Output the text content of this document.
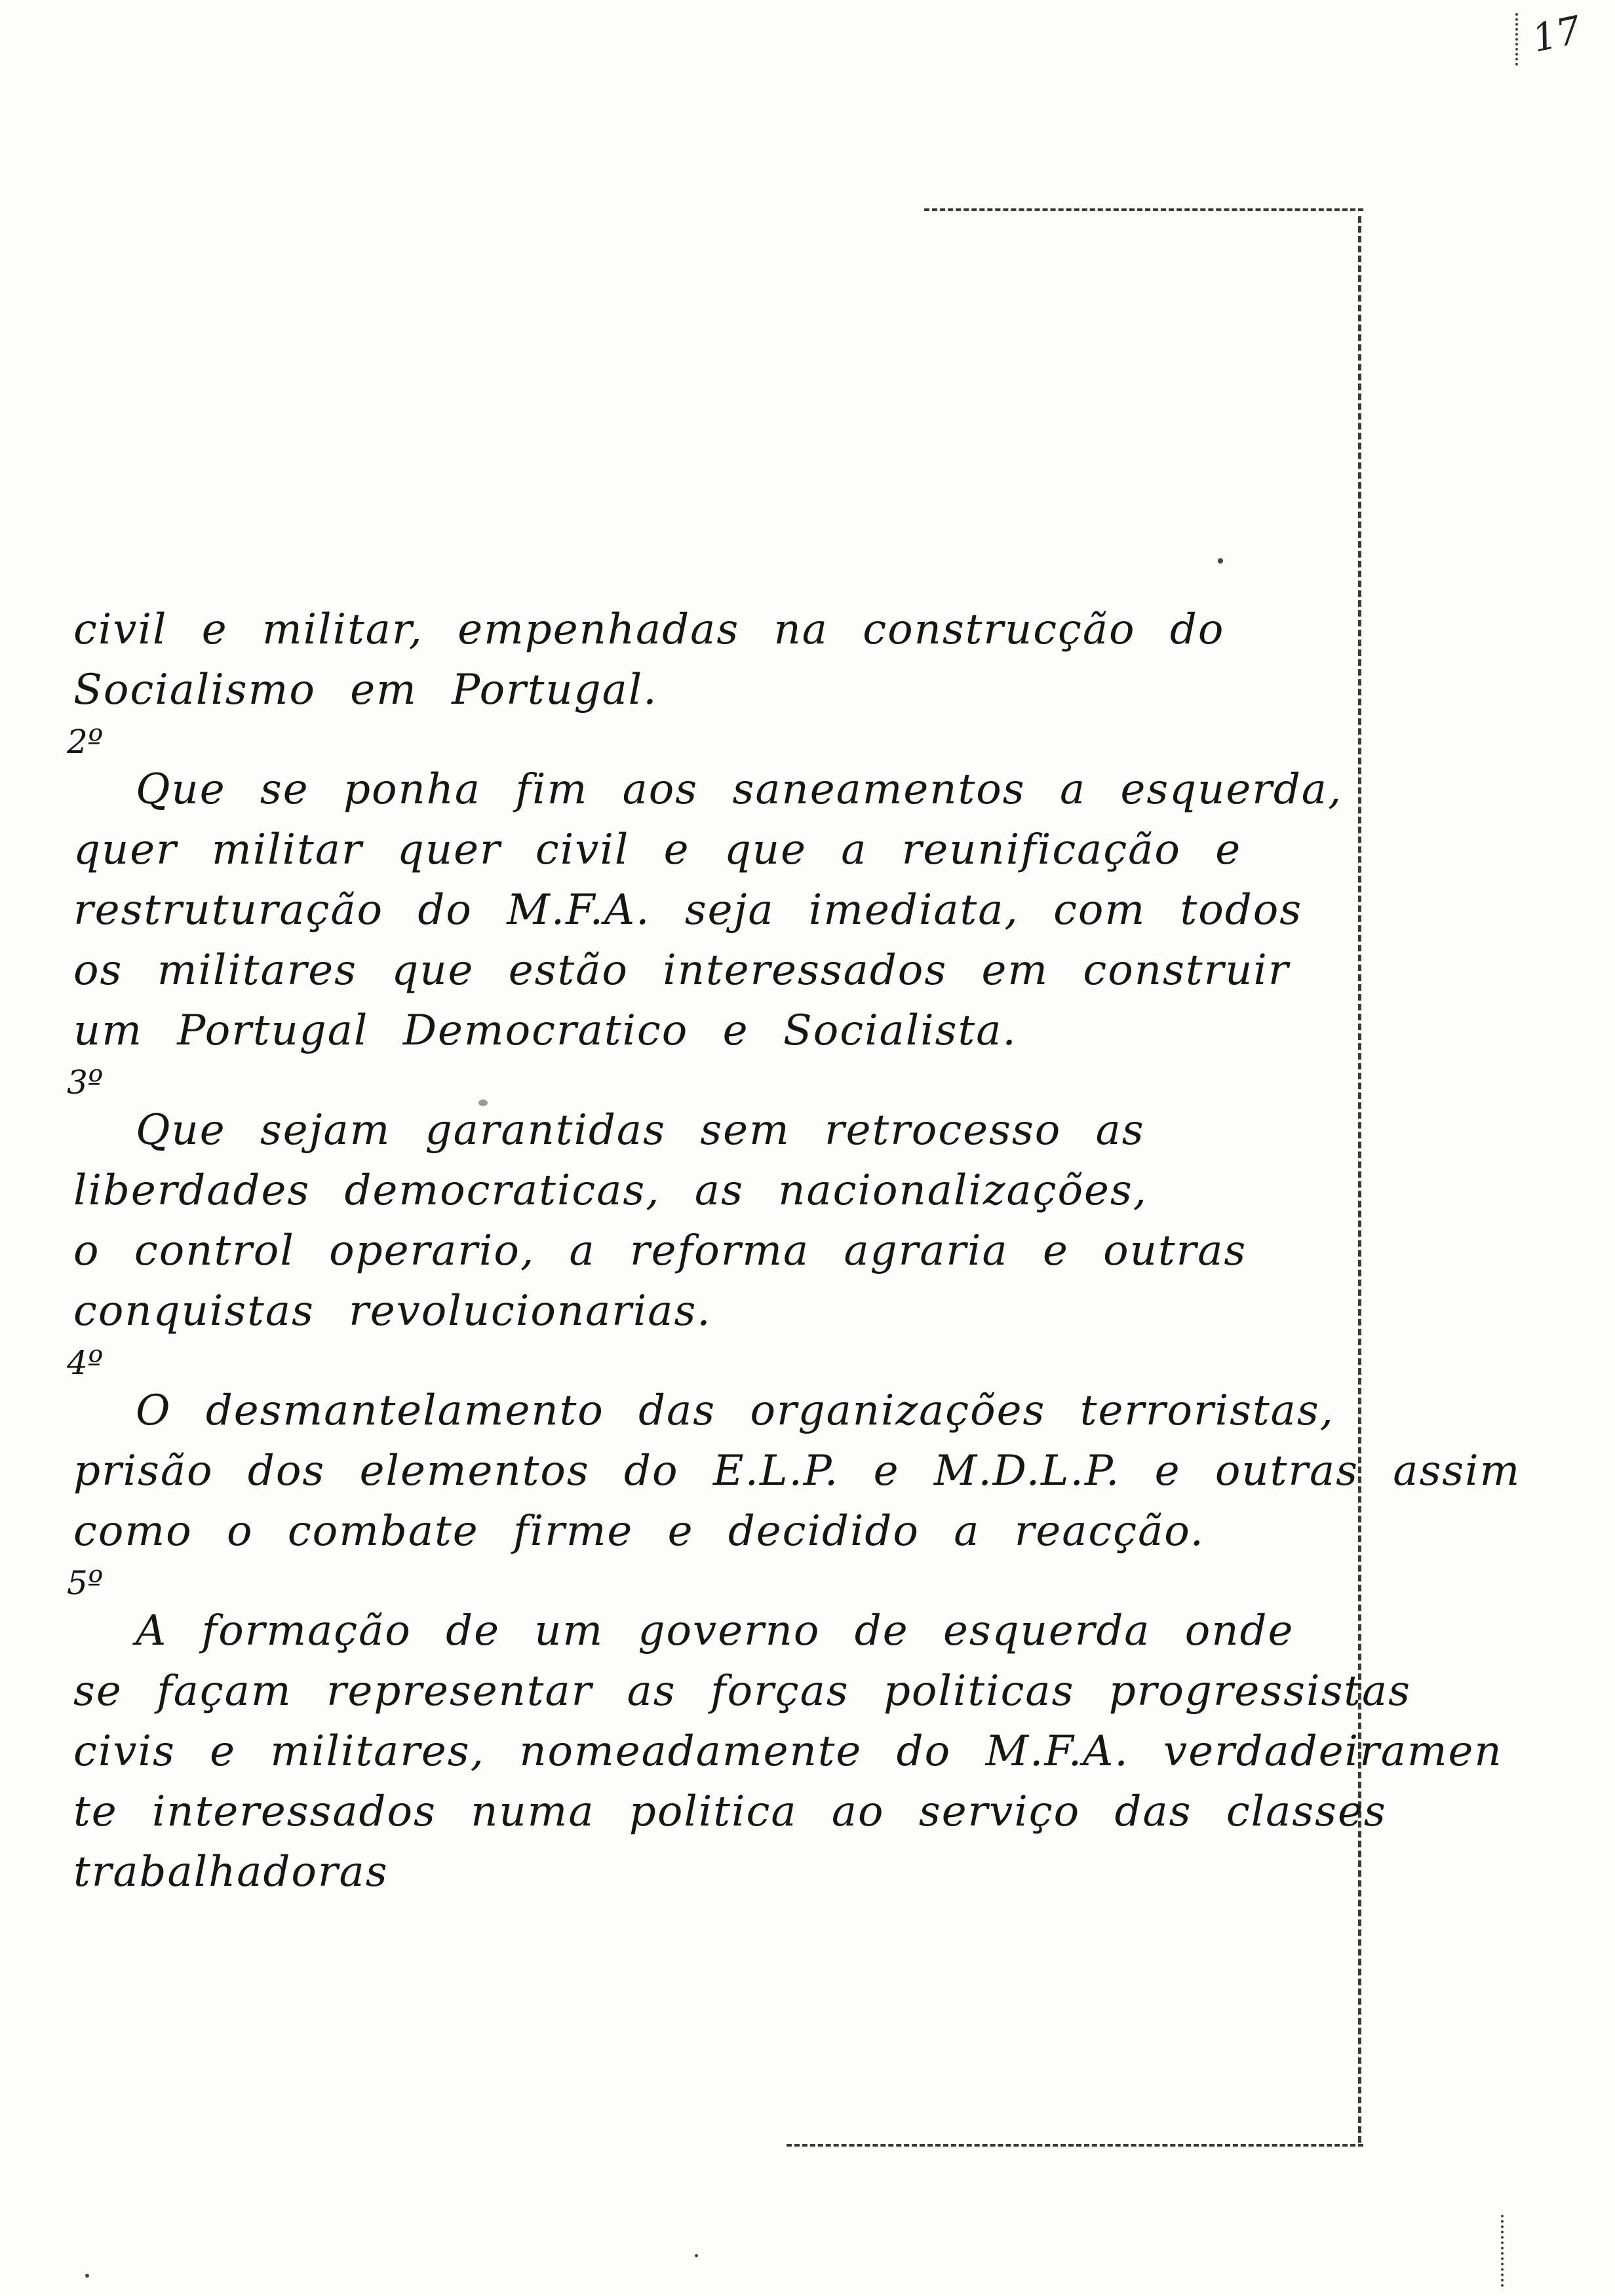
17
civil e militar, empenhadas na construcção do
Socialismo em Portugal.
2º
Que se ponha fim aos saneamentos a esquerda,
quer militar quer civil e que a reunificação e
restruturação do M.F.A. seja imediata, com todos
os militares que estão interessados em construir
um Portugal Democratico e Socialista.
3º
Que sejam garantidas sem retrocesso as
liberdades democraticas, as nacionalizações,
o control operario, a reforma agraria e outras
conquistas revolucionarias.
4º
O desmantelamento das organizações terroristas,
prisão dos elementos do E.L.P. e M.D.L.P. e outras assim
como o combate firme e decidido a reacção.
5º
A formação de um governo de esquerda onde
se façam representar as forças politicas progressistas
civis e militares, nomeadamente do M.F.A. verdadeiramen
te interessados numa politica ao serviço das classes
trabalhadoras
